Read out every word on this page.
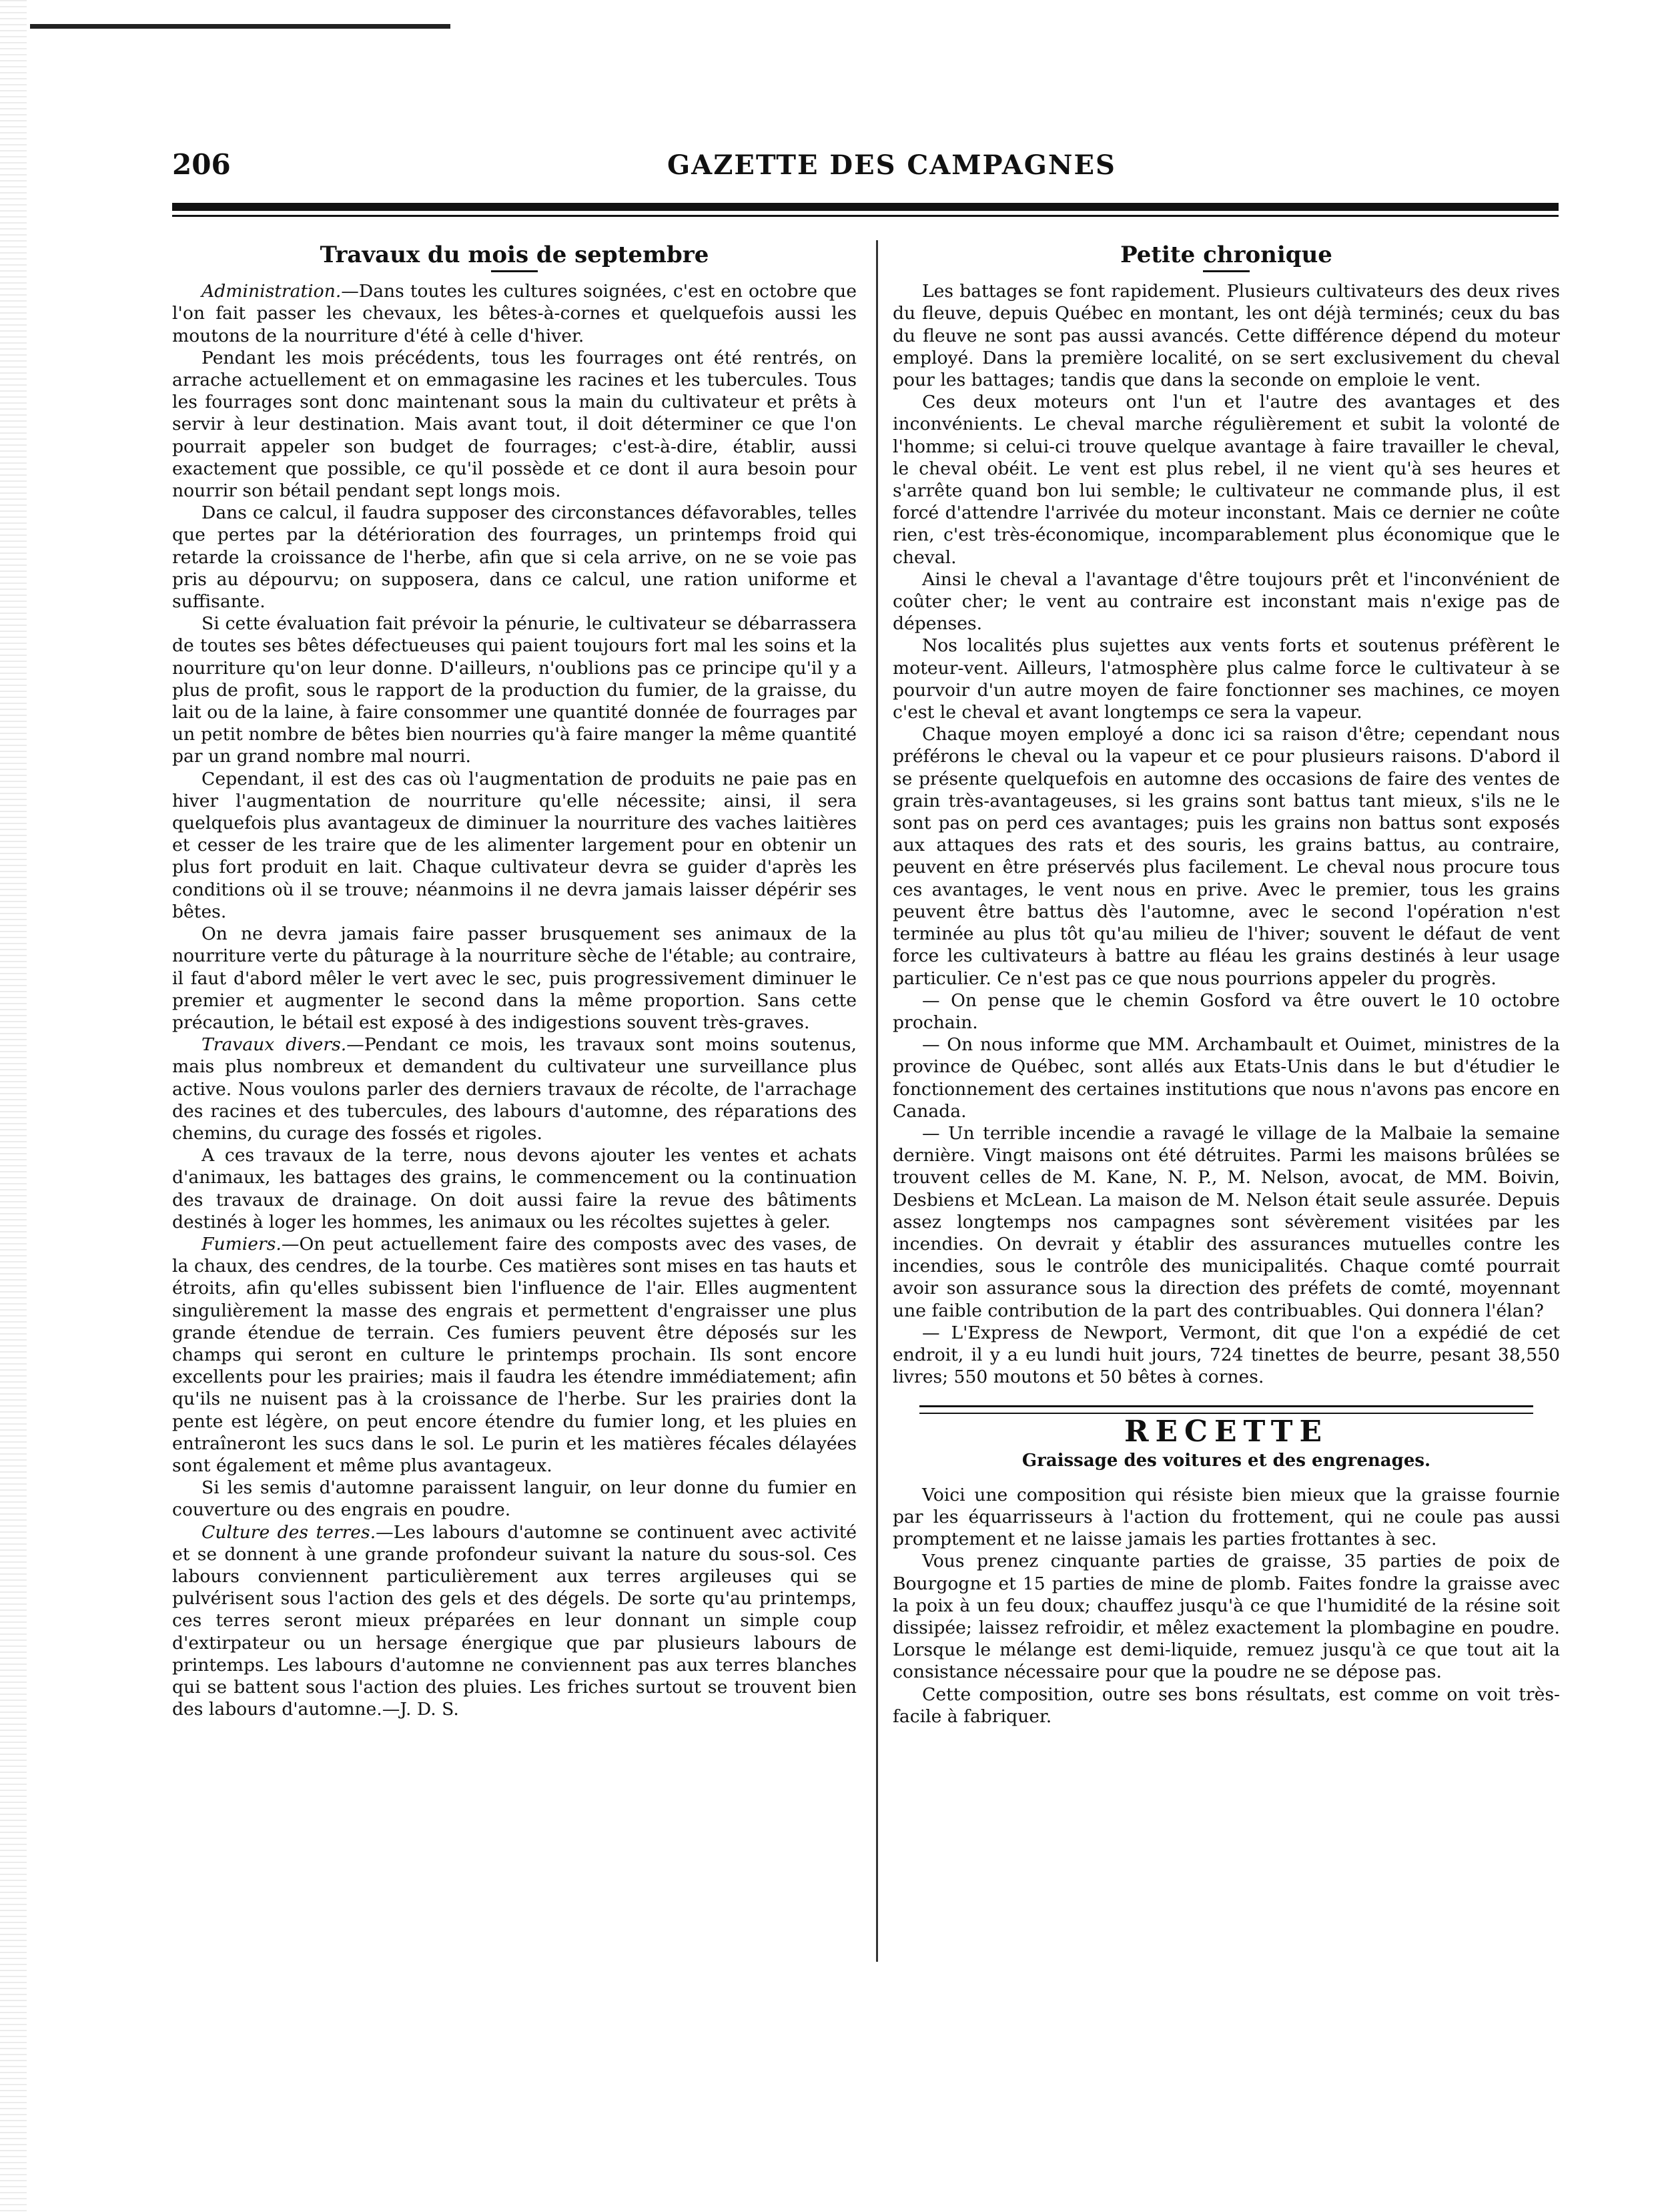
206	GAZETTE DES CAMPAGNES
Travaux du mois de septembre

Administration.—Dans toutes les cultures soignées, c'est en octobre que l'on fait passer les chevaux, les bêtes-à-cornes et quelquefois aussi les moutons de la nourriture d'été à celle d'hiver.

Pendant les mois précédents, tous les fourrages ont été rentrés, on arrache actuellement et on emmagasine les racines et les tubercules. Tous les fourrages sont donc maintenant sous la main du cultivateur et prêts à servir à leur destination. Mais avant tout, il doit déterminer ce que l'on pourrait appeler son budget de fourrages; c'est-à-dire, établir, aussi exactement que possible, ce qu'il possède et ce dont il aura besoin pour nourrir son bétail pendant sept longs mois.

Dans ce calcul, il faudra supposer des circonstances défavorables, telles que pertes par la détérioration des fourrages, un printemps froid qui retarde la croissance de l'herbe, afin que si cela arrive, on ne se voie pas pris au dépourvu; on supposera, dans ce calcul, une ration uniforme et suffisante.

Si cette évaluation fait prévoir la pénurie, le cultivateur se débarrassera de toutes ses bêtes défectueuses qui paient toujours fort mal les soins et la nourriture qu'on leur donne. D'ailleurs, n'oublions pas ce principe qu'il y a plus de profit, sous le rapport de la production du fumier, de la graisse, du lait ou de la laine, à faire consommer une quantité donnée de fourrages par un petit nombre de bêtes bien nourries qu'à faire manger la même quantité par un grand nombre mal nourri.

Cependant, il est des cas où l'augmentation de produits ne paie pas en hiver l'augmentation de nourriture qu'elle nécessite; ainsi, il sera quelquefois plus avantageux de diminuer la nourriture des vaches laitières et cesser de les traire que de les alimenter largement pour en obtenir un plus fort produit en lait. Chaque cultivateur devra se guider d'après les conditions où il se trouve; néanmoins il ne devra jamais laisser dépérir ses bêtes.

On ne devra jamais faire passer brusquement ses animaux de la nourriture verte du pâturage à la nourriture sèche de l'étable; au contraire, il faut d'abord mêler le vert avec le sec, puis progressivement diminuer le premier et augmenter le second dans la même proportion. Sans cette précaution, le bétail est exposé à des indigestions souvent très-graves.

Travaux divers.—Pendant ce mois, les travaux sont moins soutenus, mais plus nombreux et demandent du cultivateur une surveillance plus active. Nous voulons parler des derniers travaux de récolte, de l'arrachage des racines et des tubercules, des labours d'automne, des réparations des chemins, du curage des fossés et rigoles.

A ces travaux de la terre, nous devons ajouter les ventes et achats d'animaux, les battages des grains, le commencement ou la continuation des travaux de drainage. On doit aussi faire la revue des bâtiments destinés à loger les hommes, les animaux ou les récoltes sujettes à geler.

Fumiers.—On peut actuellement faire des composts avec des vases, de la chaux, des cendres, de la tourbe. Ces matières sont mises en tas hauts et étroits, afin qu'elles subissent bien l'influence de l'air. Elles augmentent singulièrement la masse des engrais et permettent d'engraisser une plus grande étendue de terrain. Ces fumiers peuvent être déposés sur les champs qui seront en culture le printemps prochain. Ils sont encore excellents pour les prairies; mais il faudra les étendre immédiatement; afin qu'ils ne nuisent pas à la croissance de l'herbe. Sur les prairies dont la pente est légère, on peut encore étendre du fumier long, et les pluies en entraîneront les sucs dans le sol. Le purin et les matières fécales délayées sont également et même plus avantageux.

Si les semis d'automne paraissent languir, on leur donne du fumier en couverture ou des engrais en poudre.

Culture des terres.—Les labours d'automne se continuent avec activité et se donnent à une grande profondeur suivant la nature du sous-sol. Ces labours conviennent particulièrement aux terres argileuses qui se pulvérisent sous l'action des gels et des dégels. De sorte qu'au printemps, ces terres seront mieux préparées en leur donnant un simple coup d'extirpateur ou un hersage énergique que par plusieurs labours de printemps. Les labours d'automne ne conviennent pas aux terres blanches qui se battent sous l'action des pluies. Les friches surtout se trouvent bien des labours d'automne.—J. D. S.

Petite chronique

Les battages se font rapidement. Plusieurs cultivateurs des deux rives du fleuve, depuis Québec en montant, les ont déjà terminés; ceux du bas du fleuve ne sont pas aussi avancés. Cette différence dépend du moteur employé. Dans la première localité, on se sert exclusivement du cheval pour les battages; tandis que dans la seconde on emploie le vent.

Ces deux moteurs ont l'un et l'autre des avantages et des inconvénients. Le cheval marche régulièrement et subit la volonté de l'homme; si celui-ci trouve quelque avantage à faire travailler le cheval, le cheval obéit. Le vent est plus rebel, il ne vient qu'à ses heures et s'arrête quand bon lui semble; le cultivateur ne commande plus, il est forcé d'attendre l'arrivée du moteur inconstant. Mais ce dernier ne coûte rien, c'est très-économique, incomparablement plus économique que le cheval.

Ainsi le cheval a l'avantage d'être toujours prêt et l'inconvénient de coûter cher; le vent au contraire est inconstant mais n'exige pas de dépenses.

Nos localités plus sujettes aux vents forts et soutenus préfèrent le moteur-vent. Ailleurs, l'atmosphère plus calme force le cultivateur à se pourvoir d'un autre moyen de faire fonctionner ses machines, ce moyen c'est le cheval et avant longtemps ce sera la vapeur.

Chaque moyen employé a donc ici sa raison d'être; cependant nous préférons le cheval ou la vapeur et ce pour plusieurs raisons. D'abord il se présente quelquefois en automne des occasions de faire des ventes de grain très-avantageuses, si les grains sont battus tant mieux, s'ils ne le sont pas on perd ces avantages; puis les grains non battus sont exposés aux attaques des rats et des souris, les grains battus, au contraire, peuvent en être préservés plus facilement. Le cheval nous procure tous ces avantages, le vent nous en prive. Avec le premier, tous les grains peuvent être battus dès l'automne, avec le second l'opération n'est terminée au plus tôt qu'au milieu de l'hiver; souvent le défaut de vent force les cultivateurs à battre au fléau les grains destinés à leur usage particulier. Ce n'est pas ce que nous pourrions appeler du progrès.

— On pense que le chemin Gosford va être ouvert le 10 octobre prochain.

— On nous informe que MM. Archambault et Ouimet, ministres de la province de Québec, sont allés aux Etats-Unis dans le but d'étudier le fonctionnement des certaines institutions que nous n'avons pas encore en Canada.

— Un terrible incendie a ravagé le village de la Malbaie la semaine dernière. Vingt maisons ont été détruites. Parmi les maisons brûlées se trouvent celles de M. Kane, N. P., M. Nelson, avocat, de MM. Boivin, Desbiens et McLean. La maison de M. Nelson était seule assurée. Depuis assez longtemps nos campagnes sont sévèrement visitées par les incendies. On devrait y établir des assurances mutuelles contre les incendies, sous le contrôle des municipalités. Chaque comté pourrait avoir son assurance sous la direction des préfets de comté, moyennant une faible contribution de la part des contribuables. Qui donnera l'élan?

— L'Express de Newport, Vermont, dit que l'on a expédié de cet endroit, il y a eu lundi huit jours, 724 tinettes de beurre, pesant 38,550 livres; 550 moutons et 50 bêtes à cornes.

RECETTE
Graissage des voitures et des engrenages.

Voici une composition qui résiste bien mieux que la graisse fournie par les équarrisseurs à l'action du frottement, qui ne coule pas aussi promptement et ne laisse jamais les parties frottantes à sec.

Vous prenez cinquante parties de graisse, 35 parties de poix de Bourgogne et 15 parties de mine de plomb. Faites fondre la graisse avec la poix à un feu doux; chauffez jusqu'à ce que l'humidité de la résine soit dissipée; laissez refroidir, et mêlez exactement la plombagine en poudre. Lorsque le mélange est demi-liquide, remuez jusqu'à ce que tout ait la consistance nécessaire pour que la poudre ne se dépose pas.

Cette composition, outre ses bons résultats, est comme on voit très-facile à fabriquer.
